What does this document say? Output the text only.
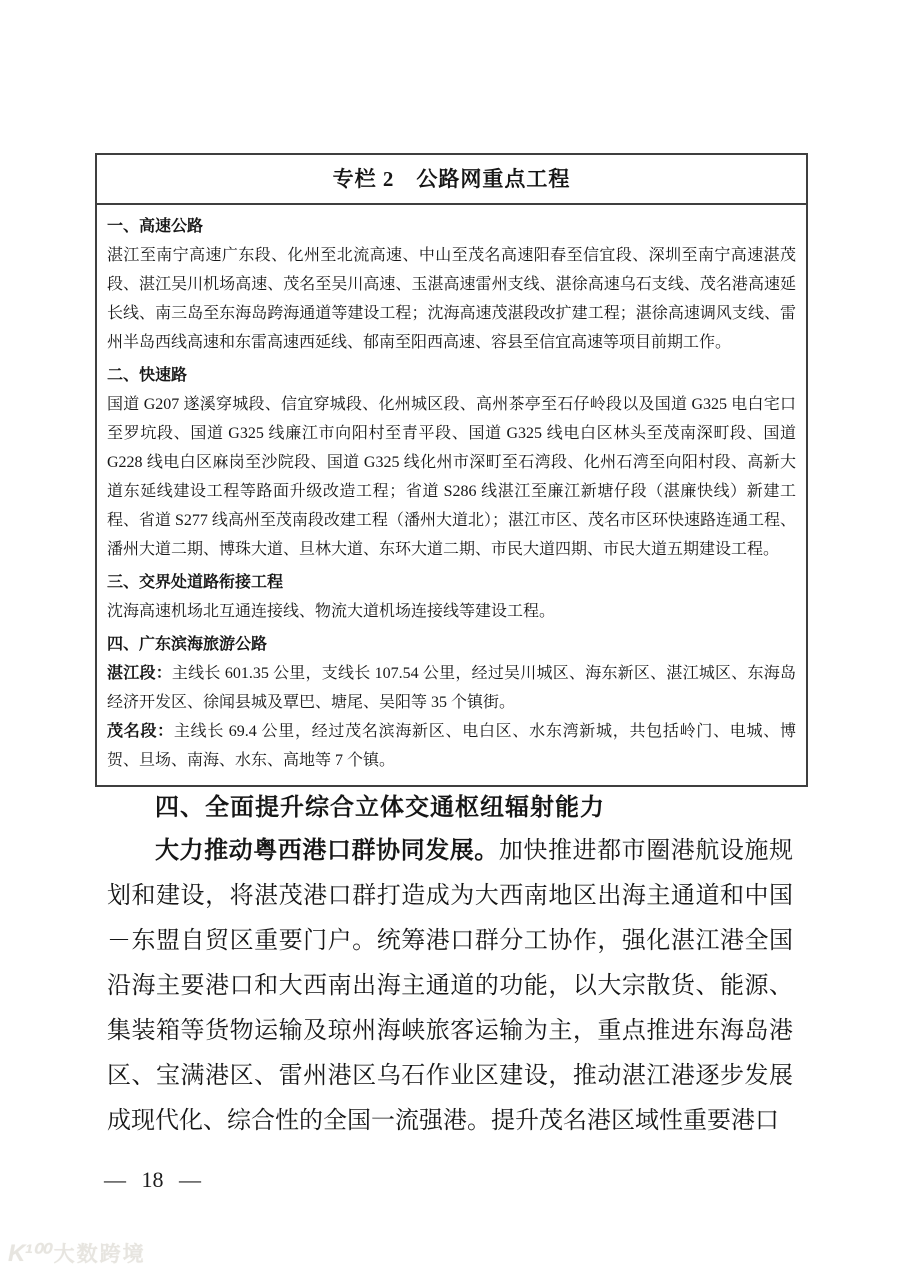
专栏 2　公路网重点工程
一、高速公路
湛江至南宁高速广东段、化州至北流高速、中山至茂名高速阳春至信宜段、深圳至南宁高速湛茂段、湛江吴川机场高速、茂名至吴川高速、玉湛高速雷州支线、湛徐高速乌石支线、茂名港高速延长线、南三岛至东海岛跨海通道等建设工程；沈海高速茂湛段改扩建工程；湛徐高速调风支线、雷州半岛西线高速和东雷高速西延线、郁南至阳西高速、容县至信宜高速等项目前期工作。
二、快速路
国道 G207 遂溪穿城段、信宜穿城段、化州城区段、高州茶亭至石仔岭段以及国道 G325 电白宅口至罗坑段、国道 G325 线廉江市向阳村至青平段、国道 G325 线电白区林头至茂南深町段、国道 G228 线电白区麻岗至沙院段、国道 G325 线化州市深町至石湾段、化州石湾至向阳村段、高新大道东延线建设工程等路面升级改造工程；省道 S286 线湛江至廉江新塘仔段（湛廉快线）新建工程、省道 S277 线高州至茂南段改建工程（潘州大道北）；湛江市区、茂名市区环快速路连通工程、潘州大道二期、博珠大道、旦林大道、东环大道二期、市民大道四期、市民大道五期建设工程。
三、交界处道路衔接工程
沈海高速机场北互通连接线、物流大道机场连接线等建设工程。
四、广东滨海旅游公路
湛江段：主线长 601.35 公里，支线长 107.54 公里，经过吴川城区、海东新区、湛江城区、东海岛经济开发区、徐闻县城及覃巴、塘尾、吴阳等 35 个镇街。
茂名段：主线长 69.4 公里，经过茂名滨海新区、电白区、水东湾新城，共包括岭门、电城、博贺、旦场、南海、水东、高地等 7 个镇。
四、全面提升综合立体交通枢纽辐射能力

大力推动粤西港口群协同发展。加快推进都市圈港航设施规划和建设，将湛茂港口群打造成为大西南地区出海主通道和中国－东盟自贸区重要门户。统筹港口群分工协作，强化湛江港全国沿海主要港口和大西南出海主通道的功能，以大宗散货、能源、集装箱等货物运输及琼州海峡旅客运输为主，重点推进东海岛港区、宝满港区、雷州港区乌石作业区建设，推动湛江港逐步发展成现代化、综合性的全国一流强港。提升茂名港区域性重要港口

— 18 —
K¹⁰⁰ 大数跨境
